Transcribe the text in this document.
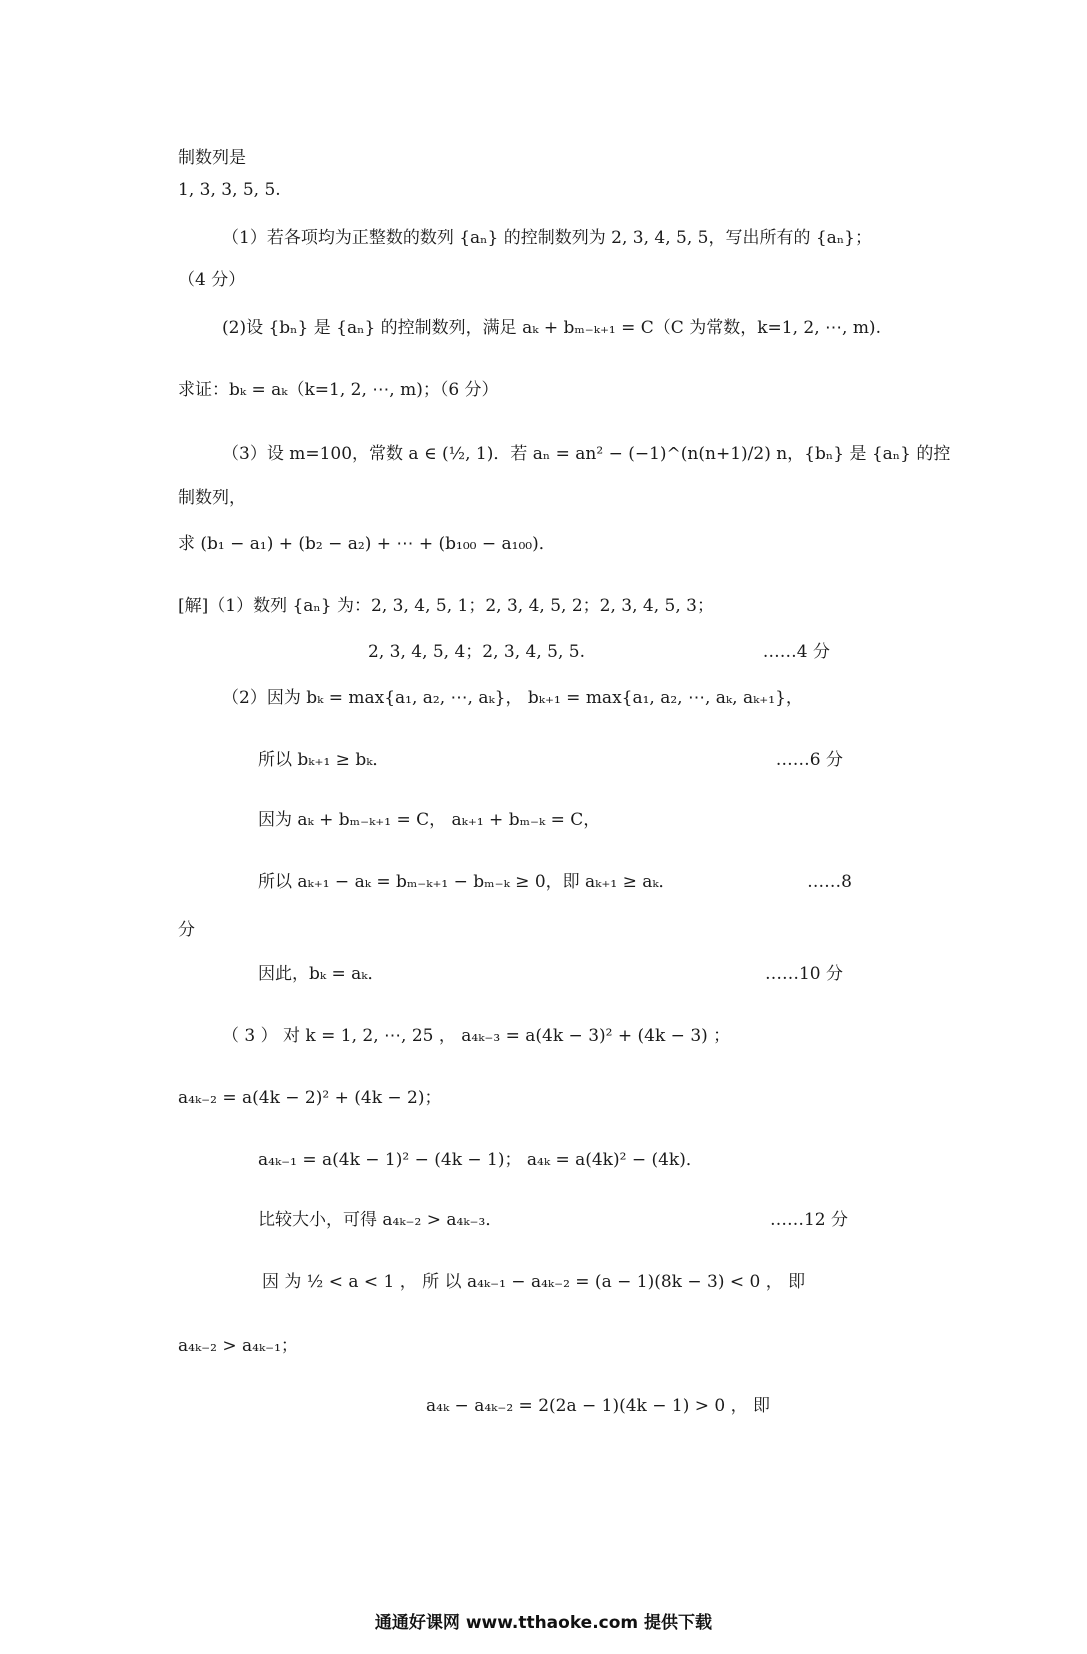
制数列是
1, 3, 3, 5, 5.
（1）若各项均为正整数的数列 {aₙ} 的控制数列为 2, 3, 4, 5, 5，写出所有的 {aₙ}；
（4 分）
(2)设 {bₙ} 是 {aₙ} 的控制数列，满足 aₖ + bₘ₋ₖ₊₁ = C（C 为常数，k=1, 2, ⋯, m).
求证：bₖ = aₖ（k=1, 2, ⋯, m)；（6 分）
（3）设 m=100，常数 a ∈ (½, 1)．若 aₙ = an² − (−1)^(n(n+1)/2) n，{bₙ} 是 {aₙ} 的控
制数列，
求 (b₁ − a₁) + (b₂ − a₂) + ⋯ + (b₁₀₀ − a₁₀₀)．
[解]（1）数列 {aₙ} 为：2, 3, 4, 5, 1；2, 3, 4, 5, 2；2, 3, 4, 5, 3；
2, 3, 4, 5, 4；2, 3, 4, 5, 5.	……4 分
（2）因为 bₖ = max{a₁, a₂, ⋯, aₖ}， bₖ₊₁ = max{a₁, a₂, ⋯, aₖ, aₖ₊₁}，
所以 bₖ₊₁ ≥ bₖ．	……6 分
因为 aₖ + bₘ₋ₖ₊₁ = C， aₖ₊₁ + bₘ₋ₖ = C，
所以 aₖ₊₁ − aₖ = bₘ₋ₖ₊₁ − bₘ₋ₖ ≥ 0，即 aₖ₊₁ ≥ aₖ．	……8
分
因此，bₖ = aₖ．	……10 分
（ 3 ） 对 k = 1, 2, ⋯, 25 ， a₄ₖ₋₃ = a(4k − 3)² + (4k − 3) ；
a₄ₖ₋₂ = a(4k − 2)² + (4k − 2)；
a₄ₖ₋₁ = a(4k − 1)² − (4k − 1)； a₄ₖ = a(4k)² − (4k)．
比较大小，可得 a₄ₖ₋₂ > a₄ₖ₋₃．	……12 分
因 为 ½ < a < 1 ， 所 以 a₄ₖ₋₁ − a₄ₖ₋₂ = (a − 1)(8k − 3) < 0 ， 即
a₄ₖ₋₂ > a₄ₖ₋₁；
a₄ₖ − a₄ₖ₋₂ = 2(2a − 1)(4k − 1) > 0 ， 即
通通好课网 www.tthaoke.com 提供下载
